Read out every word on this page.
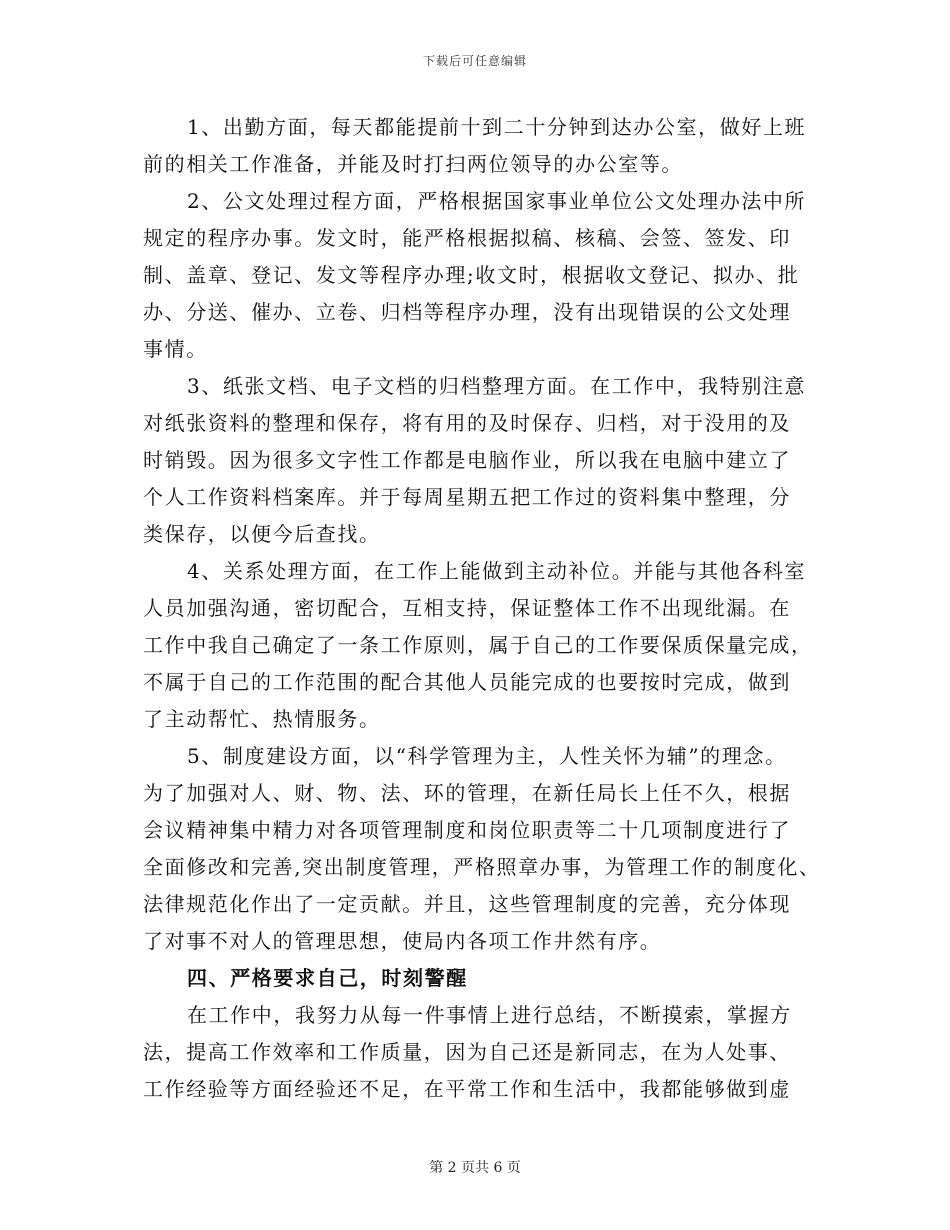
下载后可任意编辑
1、出勤方面，每天都能提前十到二十分钟到达办公室，做好上班
前的相关工作准备，并能及时打扫两位领导的办公室等。
2、公文处理过程方面，严格根据国家事业单位公文处理办法中所
规定的程序办事。发文时，能严格根据拟稿、核稿、会签、签发、印
制、盖章、登记、发文等程序办理;收文时，根据收文登记、拟办、批
办、分送、催办、立卷、归档等程序办理，没有出现错误的公文处理
事情。
3、纸张文档、电子文档的归档整理方面。在工作中，我特别注意
对纸张资料的整理和保存，将有用的及时保存、归档，对于没用的及
时销毁。因为很多文字性工作都是电脑作业，所以我在电脑中建立了
个人工作资料档案库。并于每周星期五把工作过的资料集中整理，分
类保存，以便今后查找。
4、关系处理方面，在工作上能做到主动补位。并能与其他各科室
人员加强沟通，密切配合，互相支持，保证整体工作不出现纰漏。在
工作中我自己确定了一条工作原则，属于自己的工作要保质保量完成，
不属于自己的工作范围的配合其他人员能完成的也要按时完成，做到
了主动帮忙、热情服务。
5、制度建设方面，以“科学管理为主，人性关怀为辅”的理念。
为了加强对人、财、物、法、环的管理，在新任局长上任不久，根据
会议精神集中精力对各项管理制度和岗位职责等二十几项制度进行了
全面修改和完善,突出制度管理，严格照章办事，为管理工作的制度化、
法律规范化作出了一定贡献。并且，这些管理制度的完善，充分体现
了对事不对人的管理思想，使局内各项工作井然有序。
四、严格要求自己，时刻警醒
在工作中，我努力从每一件事情上进行总结，不断摸索，掌握方
法，提高工作效率和工作质量，因为自己还是新同志，在为人处事、
工作经验等方面经验还不足，在平常工作和生活中，我都能够做到虚
第 2 页共 6 页
